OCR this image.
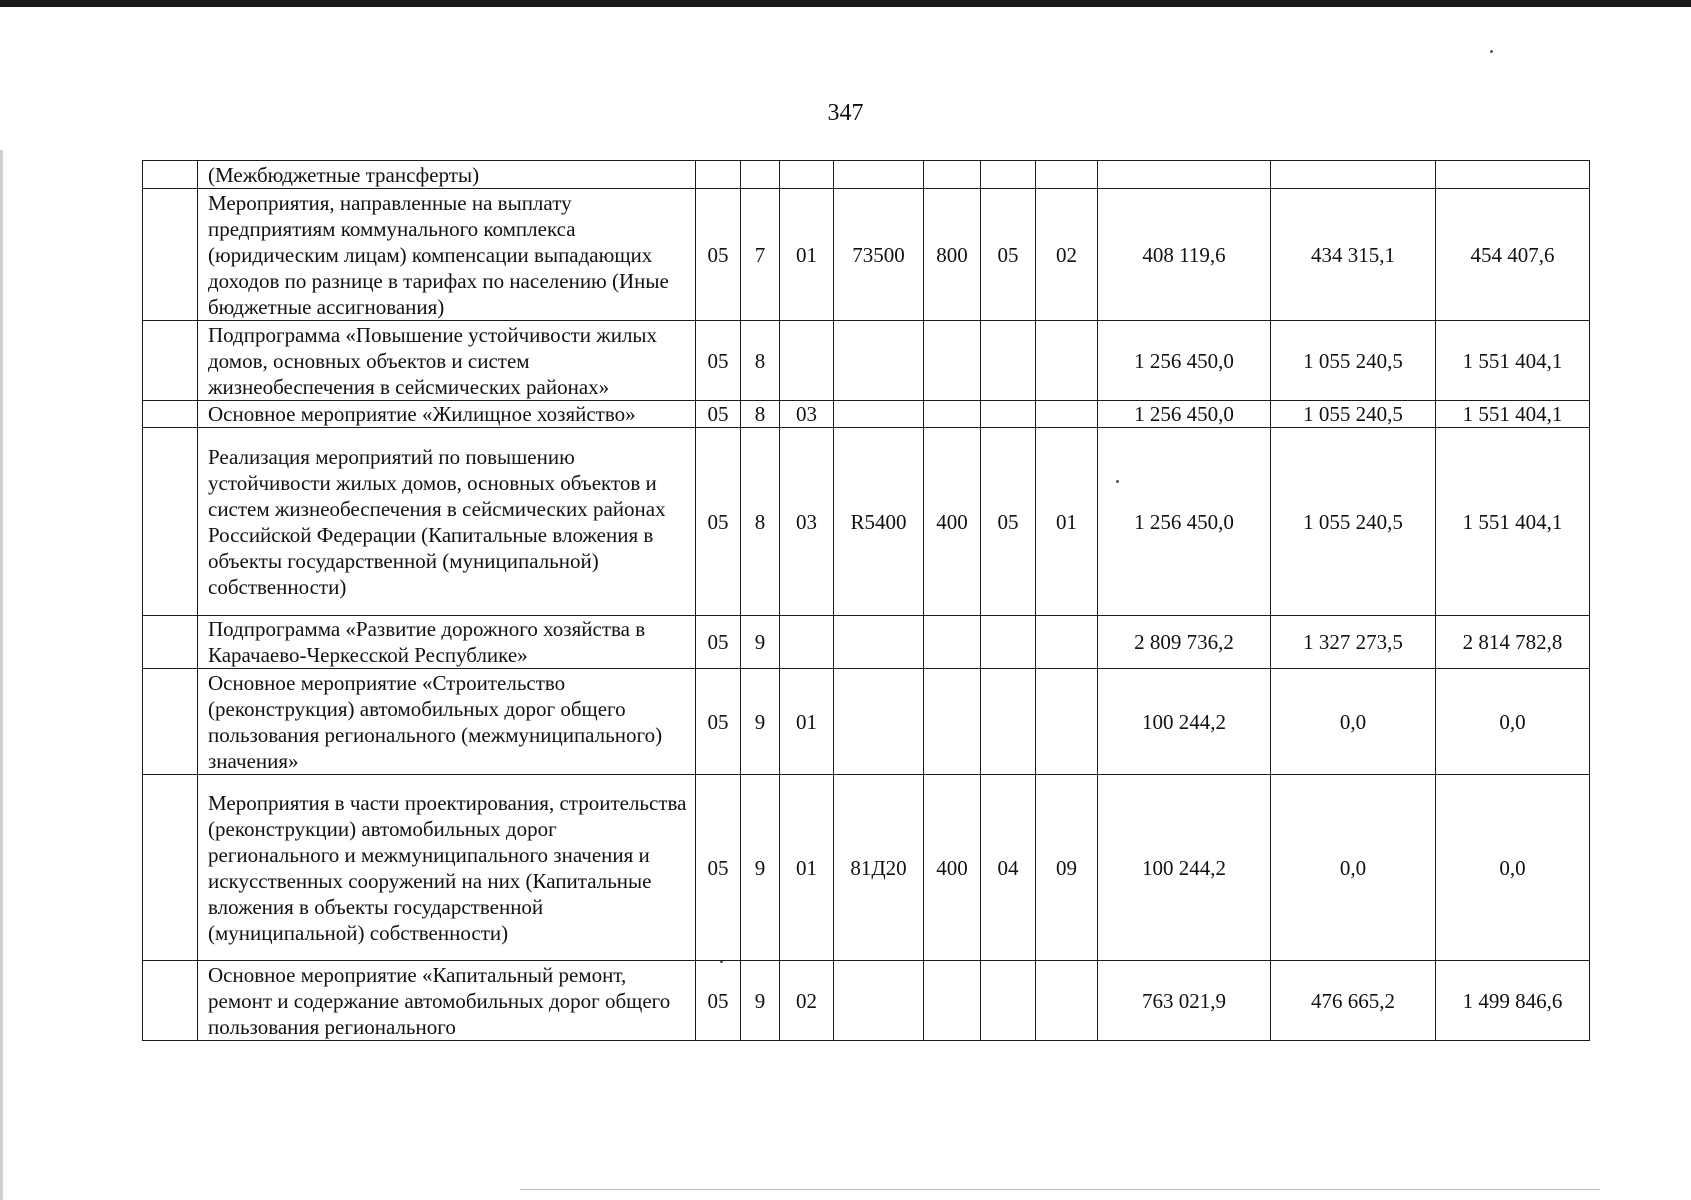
347
	(Межбюджетные трансферты)										
	Мероприятия, направленные на выплату предприятиям коммунального комплекса (юридическим лицам) компенсации выпадающих доходов по разнице в тарифах по населению (Иные бюджетные ассигнования)	05	7	01	73500	800	05	02	408 119,6	434 315,1	454 407,6
	Подпрограмма «Повышение устойчивости жилых домов, основных объектов и систем жизнеобеспечения в сейсмических районах»	05	8						1 256 450,0	1 055 240,5	1 551 404,1
	Основное мероприятие «Жилищное хозяйство»	05	8	03					1 256 450,0	1 055 240,5	1 551 404,1
	Реализация мероприятий по повышению устойчивости жилых домов, основных объектов и систем жизнеобеспечения в сейсмических районах Российской Федерации (Капитальные вложения в объекты государственной (муниципальной) собственности)	05	8	03	R5400	400	05	01	1 256 450,0	1 055 240,5	1 551 404,1
	Подпрограмма «Развитие дорожного хозяйства в Карачаево-Черкесской Республике»	05	9						2 809 736,2	1 327 273,5	2 814 782,8
	Основное мероприятие «Строительство (реконструкция) автомобильных дорог общего пользования регионального (межмуниципального) значения»	05	9	01					100 244,2	0,0	0,0
	Мероприятия в части проектирования, строительства (реконструкции) автомобильных дорог регионального и межмуниципального значения и искусственных сооружений на них (Капитальные вложения в объекты государственной (муниципальной) собственности)	05	9	01	81Д20	400	04	09	100 244,2	0,0	0,0
	Основное мероприятие «Капитальный ремонт, ремонт и содержание автомобильных дорог общего пользования регионального	05	9	02					763 021,9	476 665,2	1 499 846,6
